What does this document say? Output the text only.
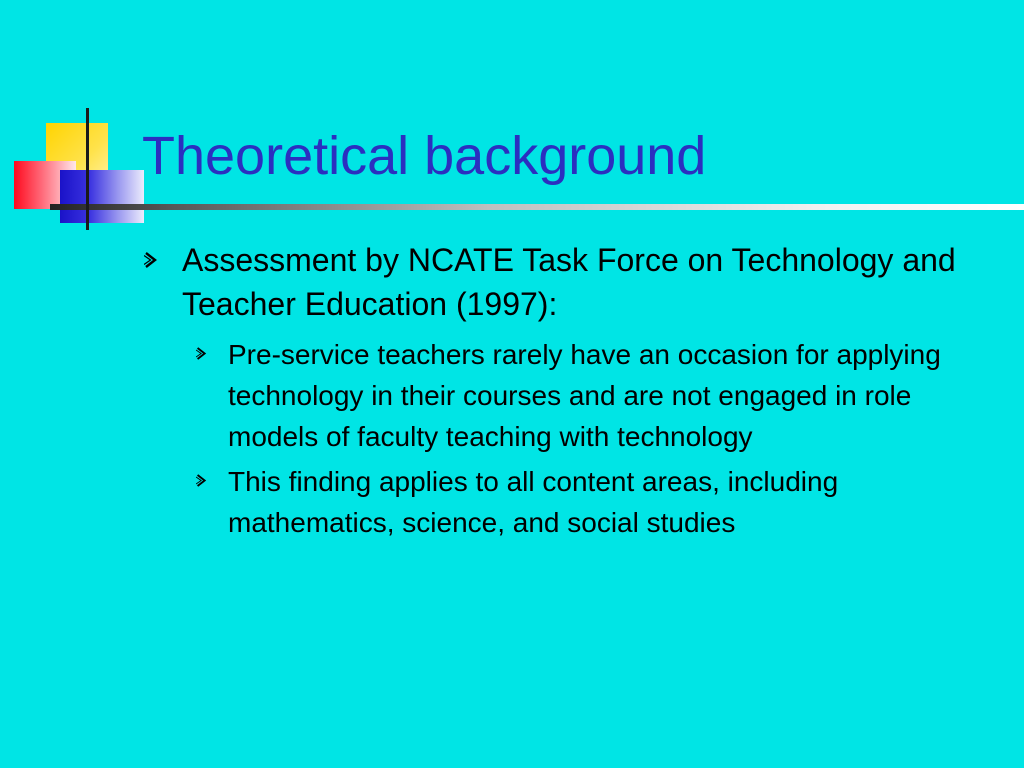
Theoretical background
Assessment by NCATE Task Force on Technology and Teacher Education (1997):
Pre-service teachers rarely have an occasion for applying technology in their courses and are not engaged in role models of faculty teaching with technology
This finding applies to all content areas, including mathematics, science, and social studies
